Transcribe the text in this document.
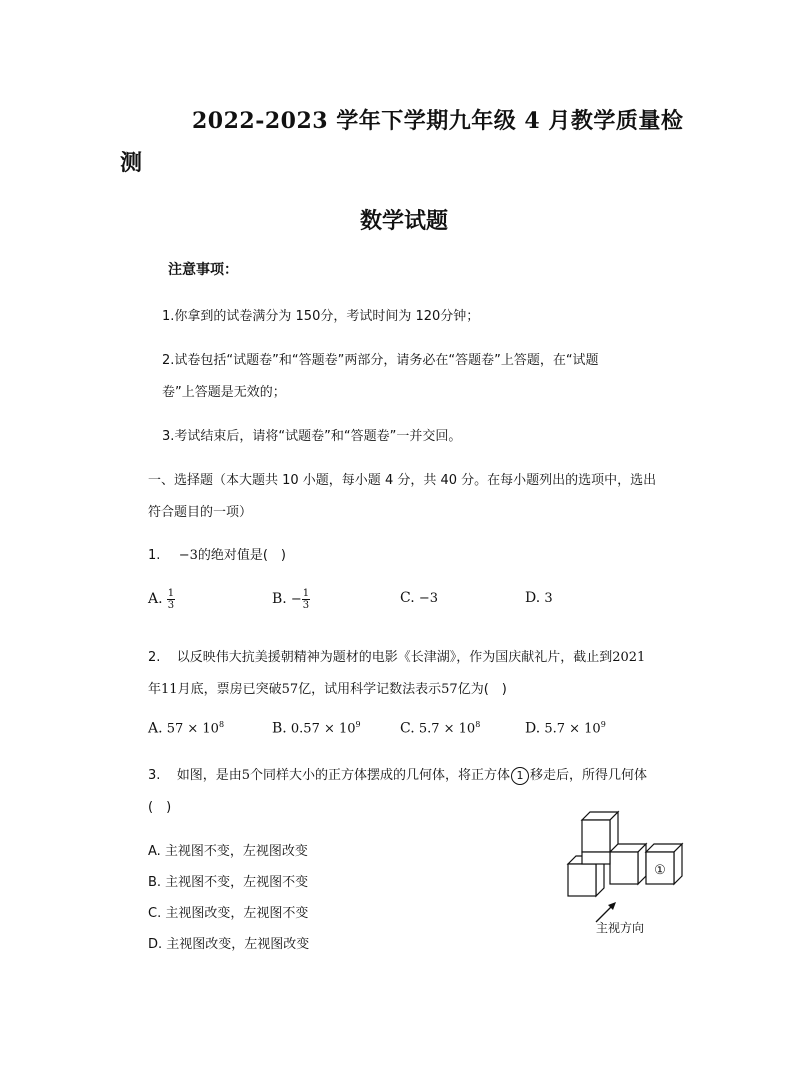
2022-2023 学年下学期九年级 4 月教学质量检
测
数学试题
注意事项：
1.你拿到的试卷满分为 150分，考试时间为 120分钟；
2.试卷包括“试题卷”和“答题卷”两部分，请务必在“答题卷”上答题，在“试题
卷”上答题是无效的；
3.考试结束后，请将“试题卷”和“答题卷”一并交回。
一、选择题（本大题共 10 小题，每小题 4 分，共 40 分。在每小题列出的选项中，选出
符合题目的一项）
1. −3的绝对值是(　)
A. $\frac{1}{3}$	B. − $\frac{1}{3}$	C. −3	D. 3
2. 以反映伟大抗美援朝精神为题材的电影《长津湖》，作为国庆献礼片，截止到2021
年11月底，票房已突破57亿，试用科学记数法表示57亿为(　)
A. $57 \times 10^8$	B. $0.57 \times 10^9$	C. $5.7 \times 10^8$	D. $5.7 \times 10^9$
3. 如图，是由5个同样大小的正方体摆成的几何体，将正方体 1 移走后，所得几何体
(　)
A. 主视图不变，左视图改变
B. 主视图不变，左视图不变
C. 主视图改变，左视图不变
D. 主视图改变，左视图改变
①
主视方向
